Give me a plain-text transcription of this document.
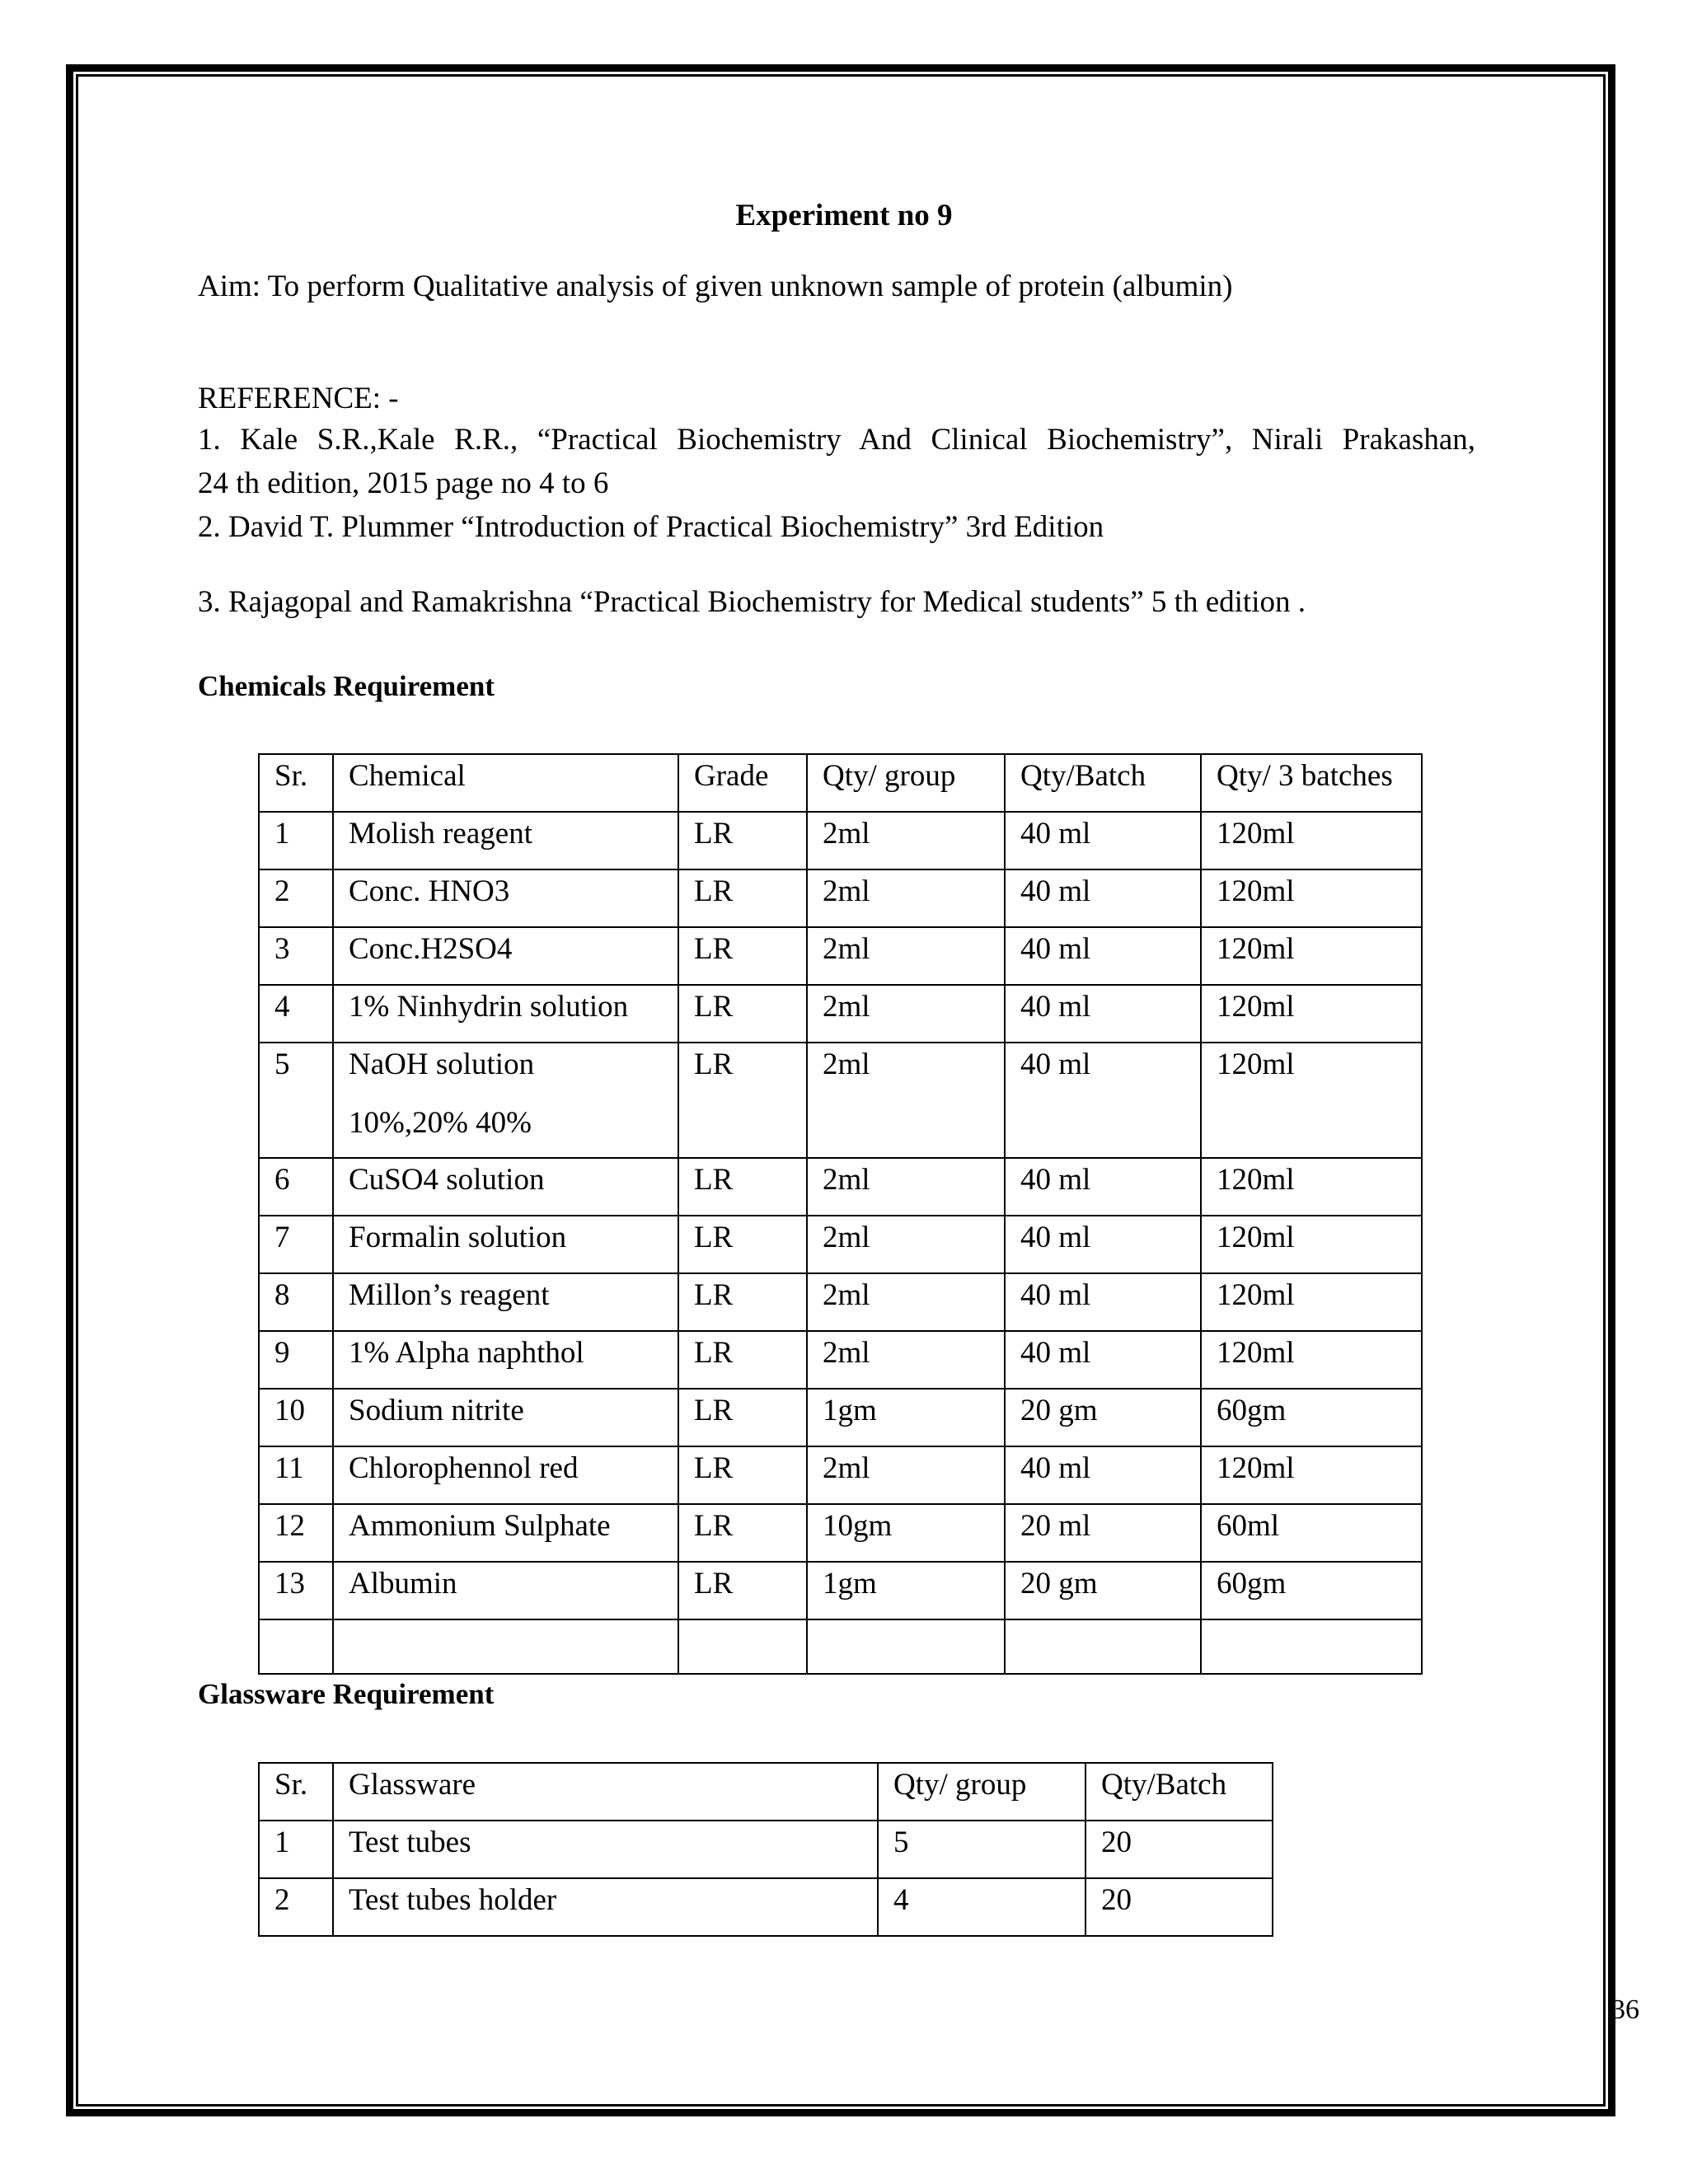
Experiment no 9
Aim: To perform Qualitative analysis of given unknown sample of protein (albumin)
REFERENCE: -
1. Kale S.R.,Kale R.R., “Practical Biochemistry And Clinical Biochemistry”, Nirali Prakashan,
24 th edition, 2015 page no 4 to 6
2. David T. Plummer “Introduction of Practical Biochemistry” 3rd Edition
3. Rajagopal and Ramakrishna “Practical Biochemistry for Medical students” 5 th edition .
Chemicals Requirement
Sr.	Chemical	Grade	Qty/ group	Qty/Batch	Qty/ 3 batches
1	Molish reagent	LR	2ml	40 ml	120ml
2	Conc. HNO3	LR	2ml	40 ml	120ml
3	Conc.H2SO4	LR	2ml	40 ml	120ml
4	1% Ninhydrin solution	LR	2ml	40 ml	120ml
5	NaOH solution
10%,20% 40%	LR	2ml	40 ml	120ml
6	CuSO4 solution	LR	2ml	40 ml	120ml
7	Formalin solution	LR	2ml	40 ml	120ml
8	Millon’s reagent	LR	2ml	40 ml	120ml
9	1% Alpha naphthol	LR	2ml	40 ml	120ml
10	Sodium nitrite	LR	1gm	20 gm	60gm
11	Chlorophennol red	LR	2ml	40 ml	120ml
12	Ammonium Sulphate	LR	10gm	20 ml	60ml
13	Albumin	LR	1gm	20 gm	60gm

Glassware Requirement
Sr.	Glassware	Qty/ group	Qty/Batch
1	Test tubes	5	20
2	Test tubes holder	4	20
36
